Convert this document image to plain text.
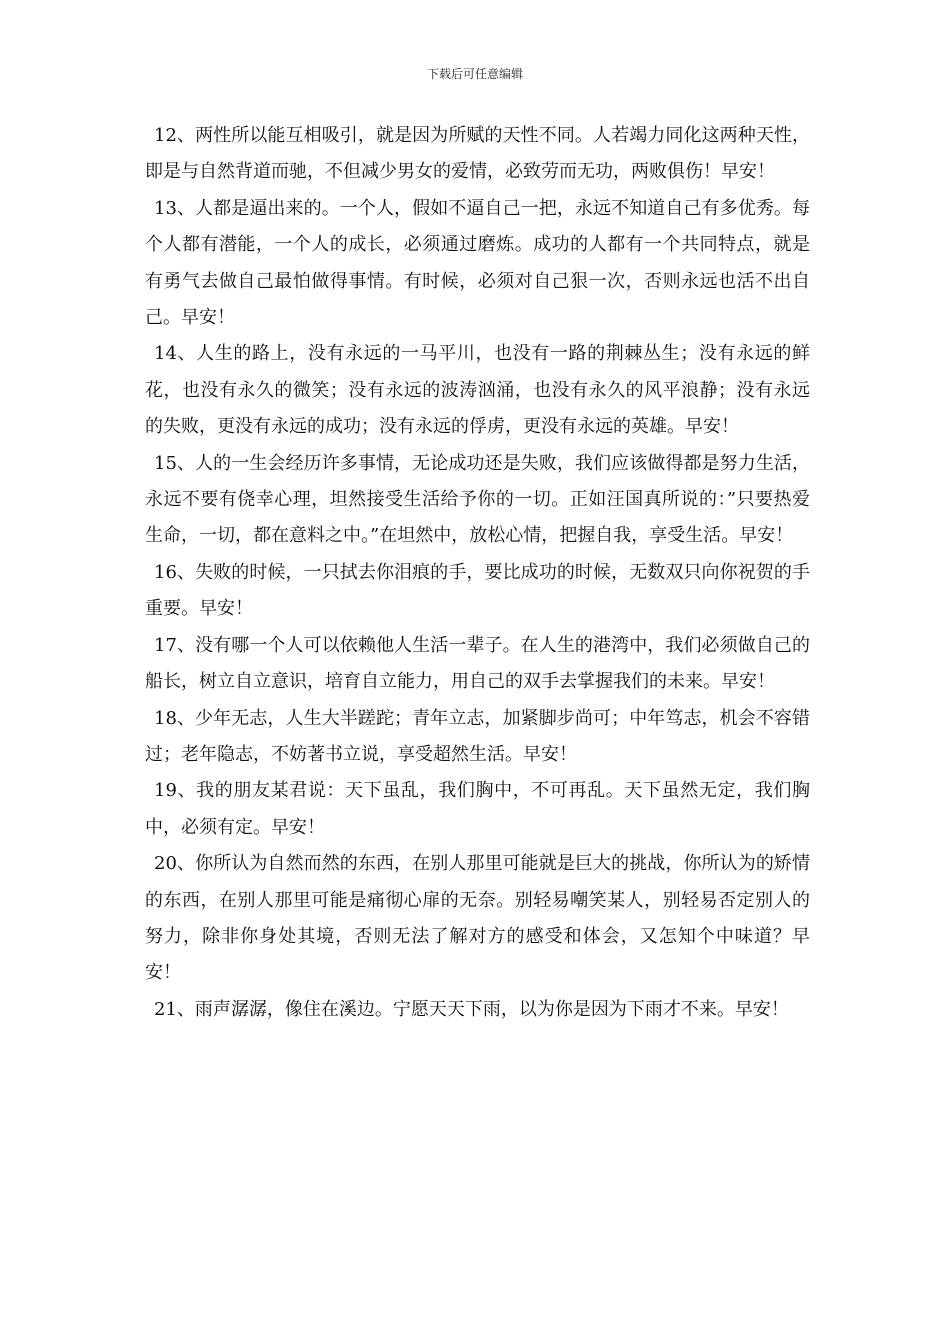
下载后可任意编辑

12、两性所以能互相吸引，就是因为所赋的天性不同。人若竭力同化这两种天性，即是与自然背道而驰，不但减少男女的爱情，必致劳而无功，两败俱伤！早安！

13、人都是逼出来的。一个人，假如不逼自己一把，永远不知道自己有多优秀。每个人都有潜能，一个人的成长，必须通过磨炼。成功的人都有一个共同特点，就是有勇气去做自己最怕做得事情。有时候，必须对自己狠一次，否则永远也活不出自己。早安！

14、人生的路上，没有永远的一马平川，也没有一路的荆棘丛生；没有永远的鲜花，也没有永久的微笑；没有永远的波涛汹涌，也没有永久的风平浪静；没有永远的失败，更没有永远的成功；没有永远的俘虏，更没有永远的英雄。早安！

15、人的一生会经历许多事情，无论成功还是失败，我们应该做得都是努力生活，永远不要有侥幸心理，坦然接受生活给予你的一切。正如汪国真所说的：”只要热爱生命，一切，都在意料之中。”在坦然中，放松心情，把握自我，享受生活。早安！

16、失败的时候，一只拭去你泪痕的手，要比成功的时候，无数双只向你祝贺的手重要。早安！

17、没有哪一个人可以依赖他人生活一辈子。在人生的港湾中，我们必须做自己的船长，树立自立意识，培育自立能力，用自己的双手去掌握我们的未来。早安！

18、少年无志，人生大半蹉跎；青年立志，加紧脚步尚可；中年笃志，机会不容错过；老年隐志，不妨著书立说，享受超然生活。早安！

19、我的朋友某君说：天下虽乱，我们胸中，不可再乱。天下虽然无定，我们胸中，必须有定。早安！

20、你所认为自然而然的东西，在别人那里可能就是巨大的挑战，你所认为的矫情的东西，在别人那里可能是痛彻心扉的无奈。别轻易嘲笑某人，别轻易否定别人的努力，除非你身处其境，否则无法了解对方的感受和体会，又怎知个中味道？早安！

21、雨声潺潺，像住在溪边。宁愿天天下雨，以为你是因为下雨才不来。早安！
